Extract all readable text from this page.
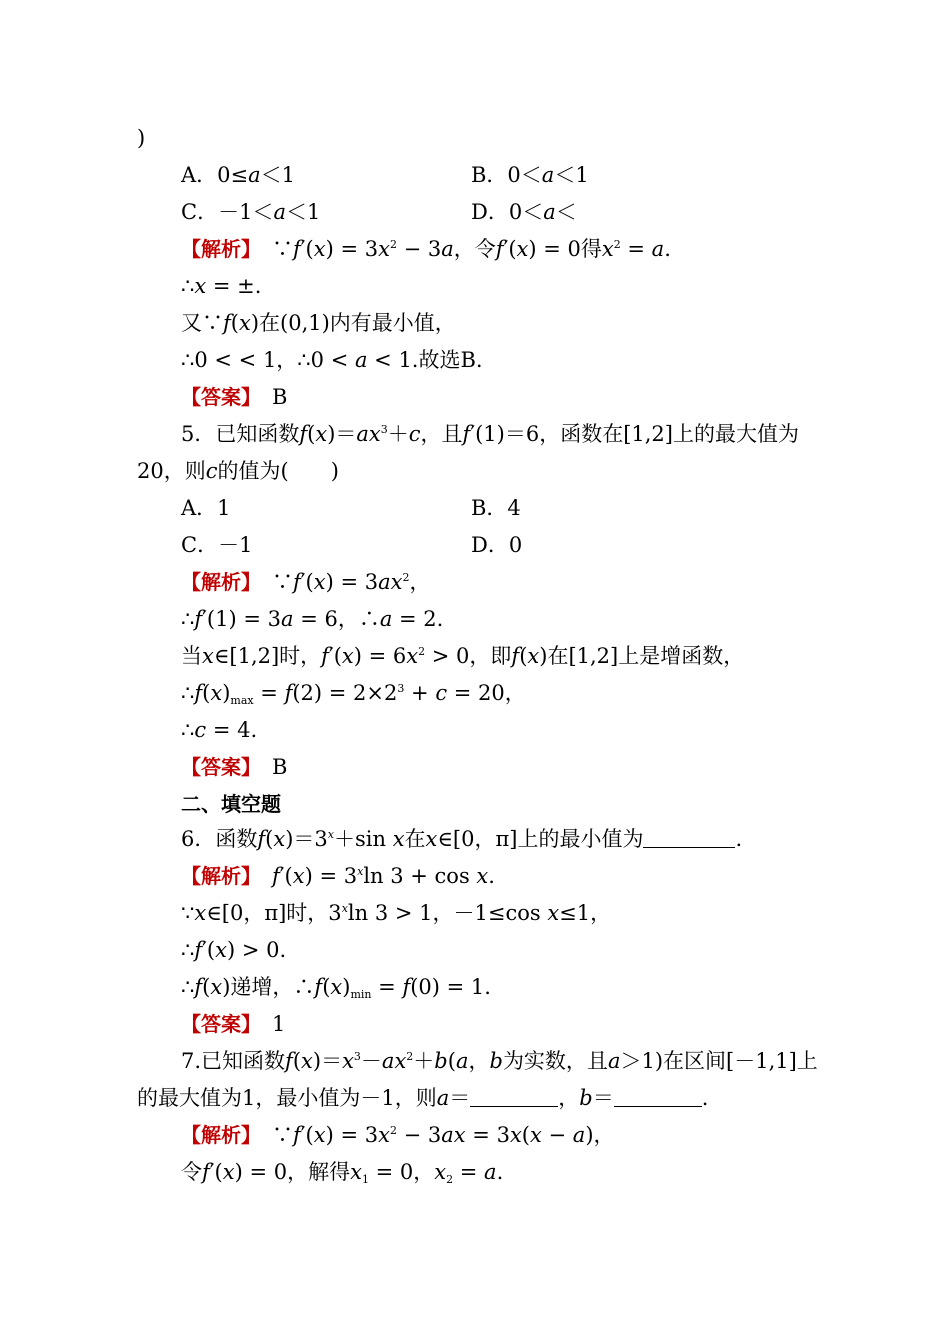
)
A．0≤a＜1	B．0＜a＜1
C．－1＜a＜1	D．0＜a＜
【解析】　∵f′(x) = $3x^2 - 3a$，令f′(x) = 0得$x^2 = a$.
∴x = ±.
又∵f(x)在(0,1)内有最小值，
∴0 < < 1，∴0 < a < 1.故选B.
【答案】　 B
5．已知函数$f(x)=ax^3+c$，且f′(1)＝6，函数在[1,2]上的最大值为
20，则c的值为(　　)
A．1	B．4
C．－1	D．0
【解析】　∵f′(x) = $3ax^2$，
∴f′(1) = 3a = 6，∴a = 2.
当x∈[1,2]时，$f'(x) = 6x^2 > 0$，即f(x)在[1,2]上是增函数，
$\therefore f(x)_{max} = f(2) = 2\times 2^3 + c = 20$，
∴c = 4.
【答案】　 B
二、填空题
6．函数$f(x)=3^x+\sin$ x在x∈[0，π]上的最小值为	.
【解析】　 $f'(x) = 3^x\ln$ 3 + cos x.
∵x∈[0，π]时，3$^x$ln 3 > 1，－1≤cos x≤1，
∴f′(x) > 0.
∴f(x)递增，$\therefore f(x)_{min} = f(0) = 1$.
【答案】　 1
7.已知函数$f(x)=x^3-ax^2+b(a$，b为实数，且a＞1)在区间[－1,1]上
的最大值为1，最小值为－1，则a＝	，b＝	.
【解析】　∵f′(x) = $3x^2 - 3ax = 3x(x - a)$，
令f′(x) = 0，解得$x_1 = 0$，$x_2 = a$.
